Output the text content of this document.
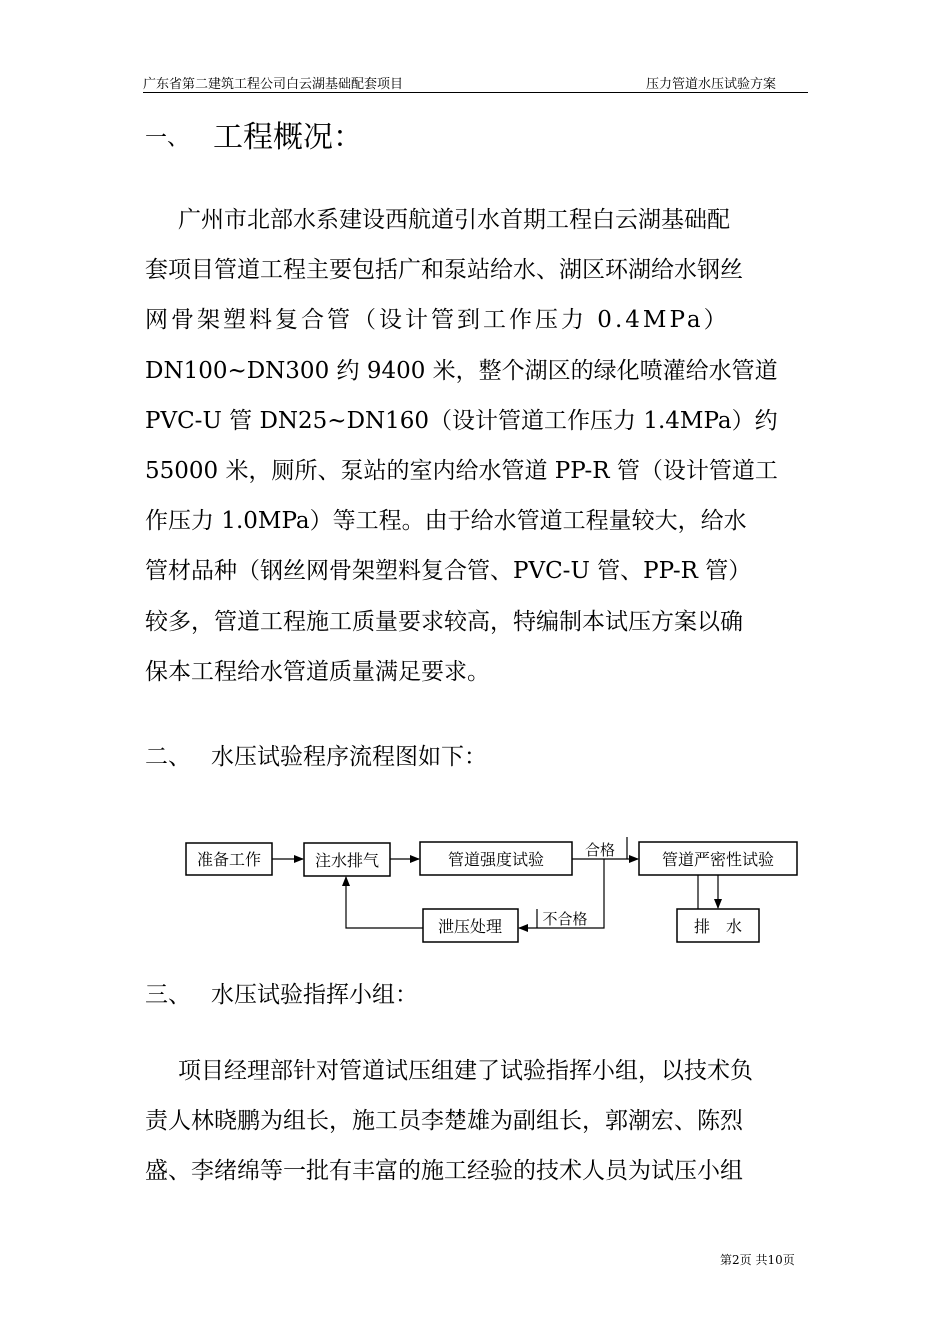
广东省第二建筑工程公司白云湖基础配套项目	压力管道水压试验方案
一、 工程概况：

广州市北部水系建设西航道引水首期工程白云湖基础配

套项目管道工程主要包括广和泵站给水、湖区环湖给水钢丝

网骨架塑料复合管（设计管到工作压力 0.4MPa）

DN100~DN300 约 9400 米，整个湖区的绿化喷灌给水管道

PVC-U 管 DN25~DN160（设计管道工作压力 1.4MPa）约

55000 米，厕所、泵站的室内给水管道 PP-R 管（设计管道工

作压力 1.0MPa）等工程。由于给水管道工程量较大，给水

管材品种（钢丝网骨架塑料复合管、PVC-U 管、PP-R 管）

较多，管道工程施工质量要求较高，特编制本试压方案以确

保本工程给水管道质量满足要求。

二、 水压试验程序流程图如下：
准备工作	注水排气	管道强度试验	管道严密性试验
泄压处理	排　水
合格
不合格
三、 水压试验指挥小组：

项目经理部针对管道试压组建了试验指挥小组，以技术负

责人林晓鹏为组长，施工员李楚雄为副组长，郭潮宏、陈烈

盛、李绪绵等一批有丰富的施工经验的技术人员为试压小组

第2页 共10页
